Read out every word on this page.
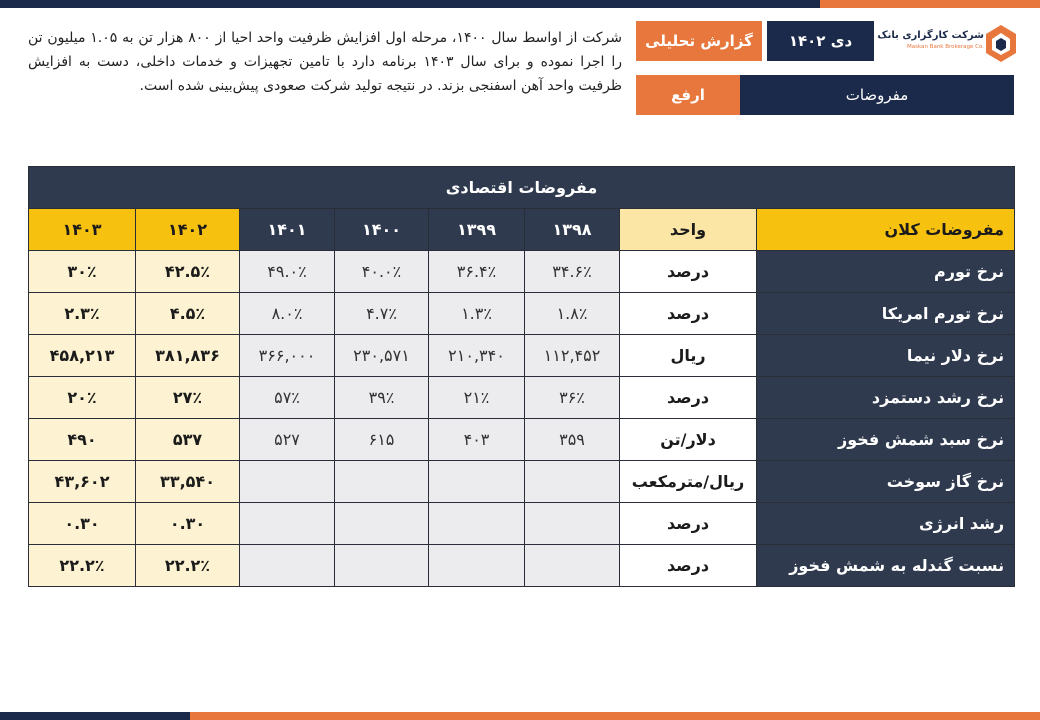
شرکت از اواسط سال ۱۴۰۰، مرحله اول افزایش ظرفیت واحد احیا از ۸۰۰ هزار تن به ۱.۰۵ میلیون تن را اجرا نموده و برای سال ۱۴۰۳ برنامه دارد با تامین تجهیزات و خدمات داخلی، دست به افزایش ظرفیت واحد آهن اسفنجی بزند. در نتیجه تولید شرکت صعودی پیش‌بینی شده است.
گزارش تحلیلی	دی ۱۴۰۲
شرکت کارگزاری بانک مسکن
Maskan Bank Brokerage Co.
ارفع	مفروضات
مفروضات اقتصادی							
۱۴۰۳	۱۴۰۲	۱۴۰۱	۱۴۰۰	۱۳۹۹	۱۳۹۸	واحد	مفروضات کلان
۳۰٪	۴۲.۵٪	۴۹.۰٪	۴۰.۰٪	۳۶.۴٪	۳۴.۶٪	درصد	نرخ تورم
۲.۳٪	۴.۵٪	۸.۰٪	۴.۷٪	۱.۳٪	۱.۸٪	درصد	نرخ تورم امریکا
۴۵۸,۲۱۳	۳۸۱,۸۳۶	۳۶۶,۰۰۰	۲۳۰,۵۷۱	۲۱۰,۳۴۰	۱۱۲,۴۵۲	ریال	نرخ دلار نیما
۲۰٪	۲۷٪	۵۷٪	۳۹٪	۲۱٪	۳۶٪	درصد	نرخ رشد دستمزد
۴۹۰	۵۳۷	۵۲۷	۶۱۵	۴۰۳	۳۵۹	دلار/تن	نرخ سبد شمش فخوز
۴۳,۶۰۲	۳۳,۵۴۰					ریال/مترمکعب	نرخ گاز سوخت
۰.۳۰	۰.۳۰					درصد	رشد انرژی
۲۲.۲٪	۲۲.۲٪					درصد	نسبت گندله به شمش فخوز
